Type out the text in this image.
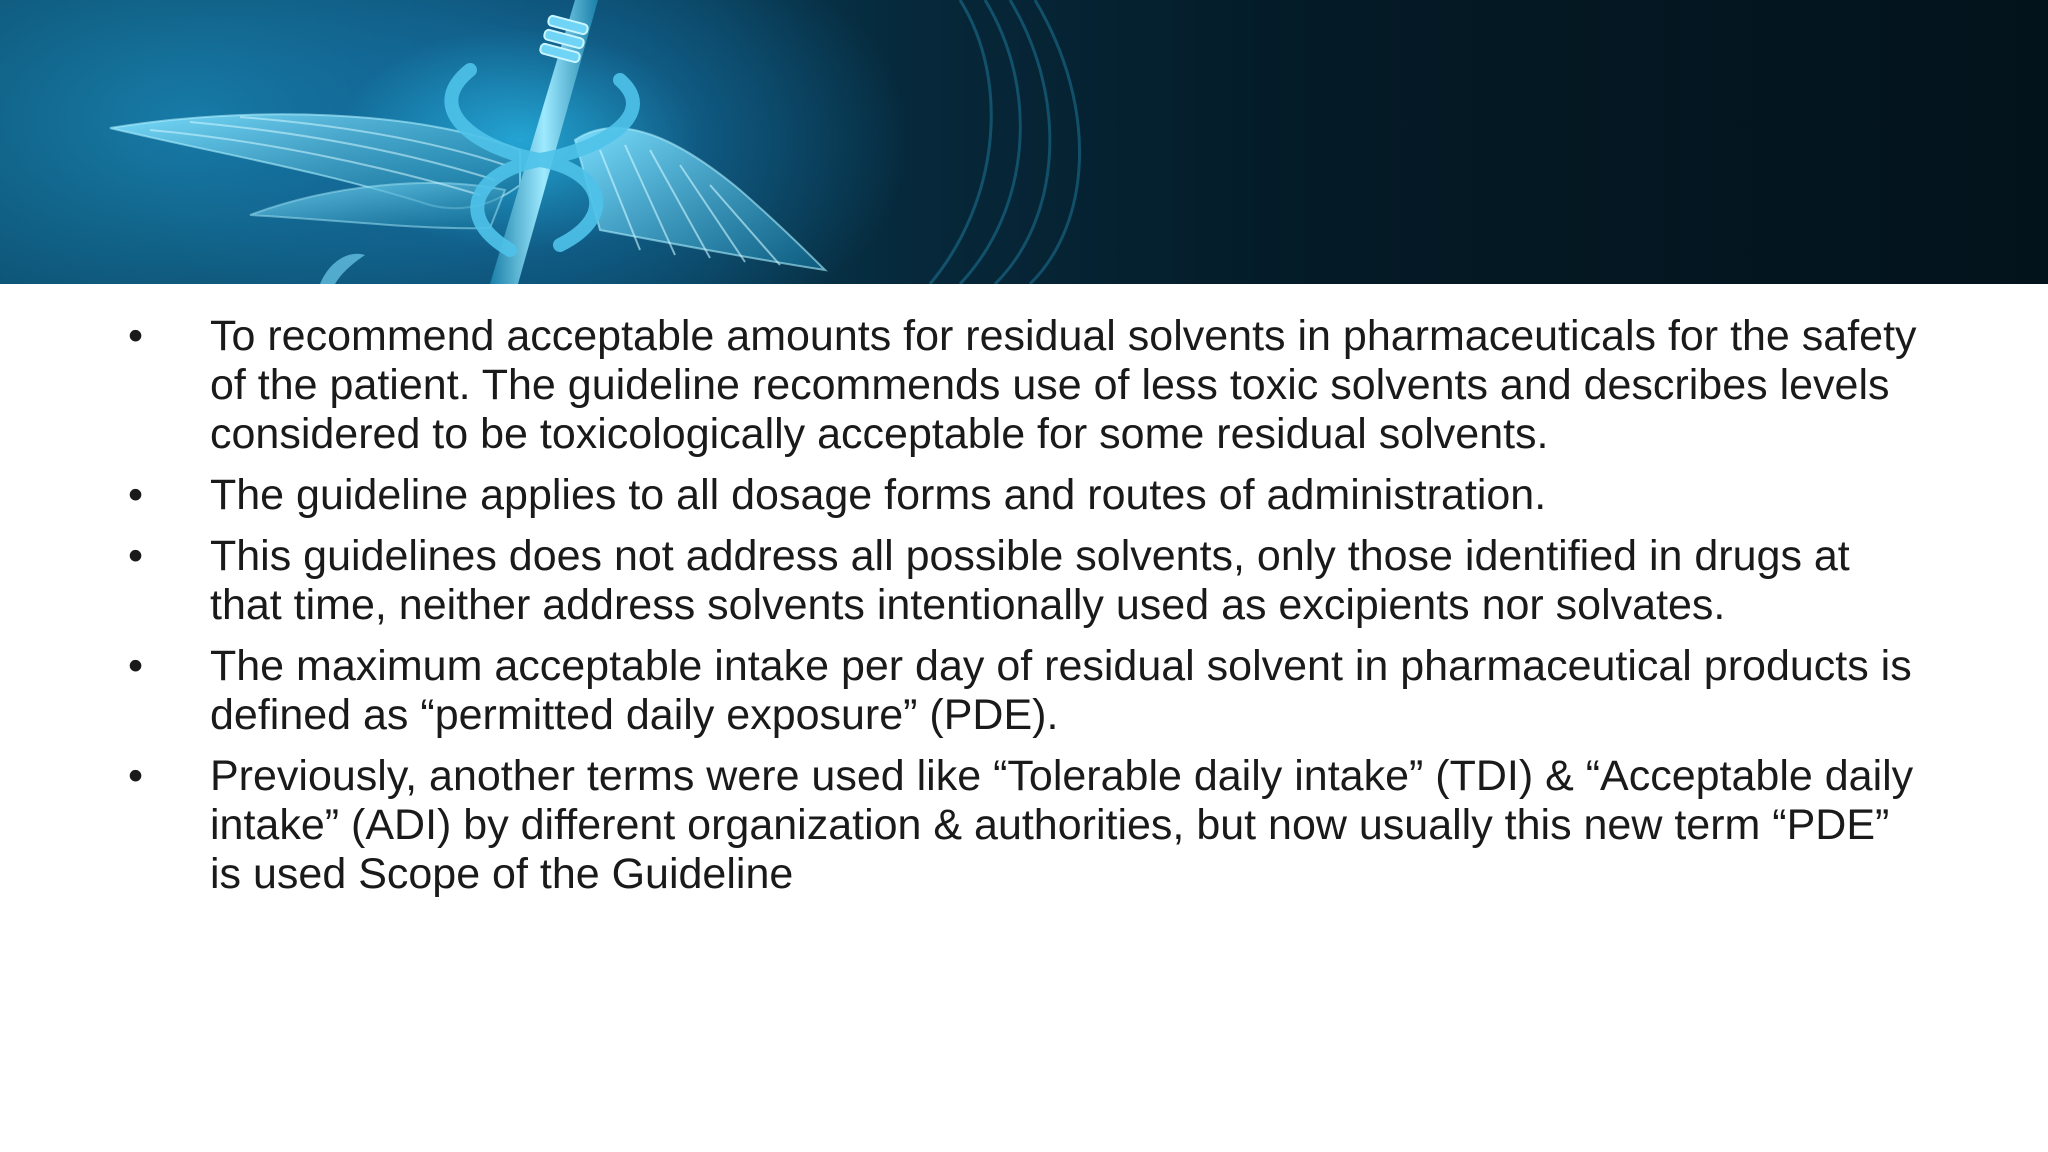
•	To recommend acceptable amounts for residual solvents in pharmaceuticals for the safety of the patient. The guideline recommends use of less toxic solvents and describes levels considered to be toxicologically acceptable for some residual solvents.
•	The guideline applies to all dosage forms and routes of administration.
•	This guidelines does not address all possible solvents, only those identified in drugs at that time, neither address solvents intentionally used as excipients nor solvates.
•	The maximum acceptable intake per day of residual solvent in pharmaceutical products is defined as “permitted daily exposure” (PDE).
•	Previously, another terms were used like “Tolerable daily intake” (TDI) & “Acceptable daily intake” (ADI) by different organization & authorities, but now usually this new term “PDE” is used Scope of the Guideline
